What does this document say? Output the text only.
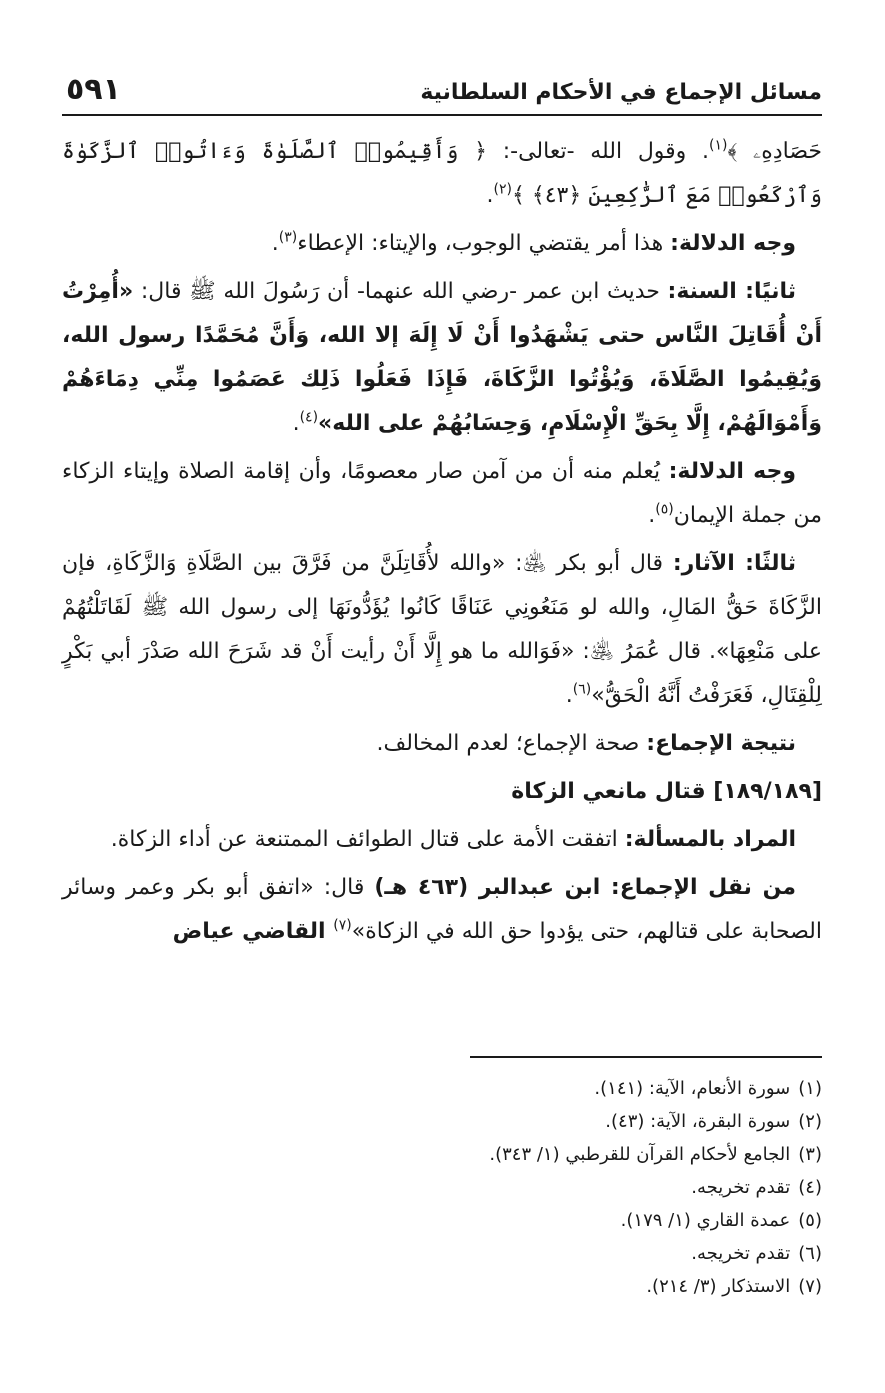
مسائل الإجماع في الأحكام السلطانية
٥٩١

حَصَادِهِۦ ﴾$^{(١)}$. وقول الله -تعالى-: ﴿ وَأَقِيمُوا۟ ٱلصَّلَوٰةَ وَءَاتُوا۟ ٱلزَّكَوٰةَ وَٱرْكَعُوا۟ مَعَ ٱلرَّٰكِعِينَ ﴿٤٣﴾ ﴾$^{(٢)}$.

وجه الدلالة: هذا أمر يقتضي الوجوب، والإيتاء: الإعطاء$^{(٣)}$.

ثانيًا: السنة: حديث ابن عمر -رضي الله عنهما- أن رَسُولَ الله ﷺ قال: «أُمِرْتُ أَنْ أُقَاتِلَ النَّاس حتى يَشْهَدُوا أَنْ لَا إِلَهَ إلا الله، وَأَنَّ مُحَمَّدًا رسول الله، وَيُقِيمُوا الصَّلَاةَ، وَيُؤْتُوا الزَّكَاةَ، فَإِذَا فَعَلُوا ذَلِك عَصَمُوا مِنِّي دِمَاءَهُمْ وَأَمْوَالَهُمْ، إِلَّا بِحَقِّ الْإِسْلَامِ، وَحِسَابُهُمْ على الله»$^{(٤)}$.

وجه الدلالة: يُعلم منه أن من آمن صار معصومًا، وأن إقامة الصلاة وإيتاء الزكاء من جملة الإيمان$^{(٥)}$.

ثالثًا: الآثار: قال أبو بكر ﵁: «والله لأُقَاتِلَنَّ من فَرَّقَ بين الصَّلَاةِ وَالزَّكَاةِ، فإن الزَّكَاةَ حَقُّ المَالِ، والله لو مَنَعُونِي عَنَاقًا كَانُوا يُؤَدُّونَهَا إلى رسول الله ﷺ لَقَاتَلْتُهُمْ على مَنْعِهَا». قال عُمَرُ ﵁: «فَوَالله ما هو إِلَّا أَنْ رأيت أَنْ قد شَرَحَ الله صَدْرَ أبي بَكْرٍ لِلْقِتَالِ، فَعَرَفْتُ أَنَّهُ الْحَقُّ»$^{(٦)}$.

نتيجة الإجماع: صحة الإجماع؛ لعدم المخالف.

[١٨٩/١٨٩] قتال مانعي الزكاة

المراد بالمسألة: اتفقت الأمة على قتال الطوائف الممتنعة عن أداء الزكاة.

من نقل الإجماع: ابن عبدالبر (٤٦٣ هـ) قال: «اتفق أبو بكر وعمر وسائر الصحابة على قتالهم، حتى يؤدوا حق الله في الزكاة»$^{(٧)}$ القاضي عياض

(١)سورة الأنعام، الآية: (١٤١).
(٢)سورة البقرة، الآية: (٤٣).
(٣)الجامع لأحكام القرآن للقرطبي (١/ ٣٤٣).
(٤)تقدم تخريجه.
(٥)عمدة القاري (١/ ١٧٩).
(٦)تقدم تخريجه.
(٧)الاستذكار (٣/ ٢١٤).
